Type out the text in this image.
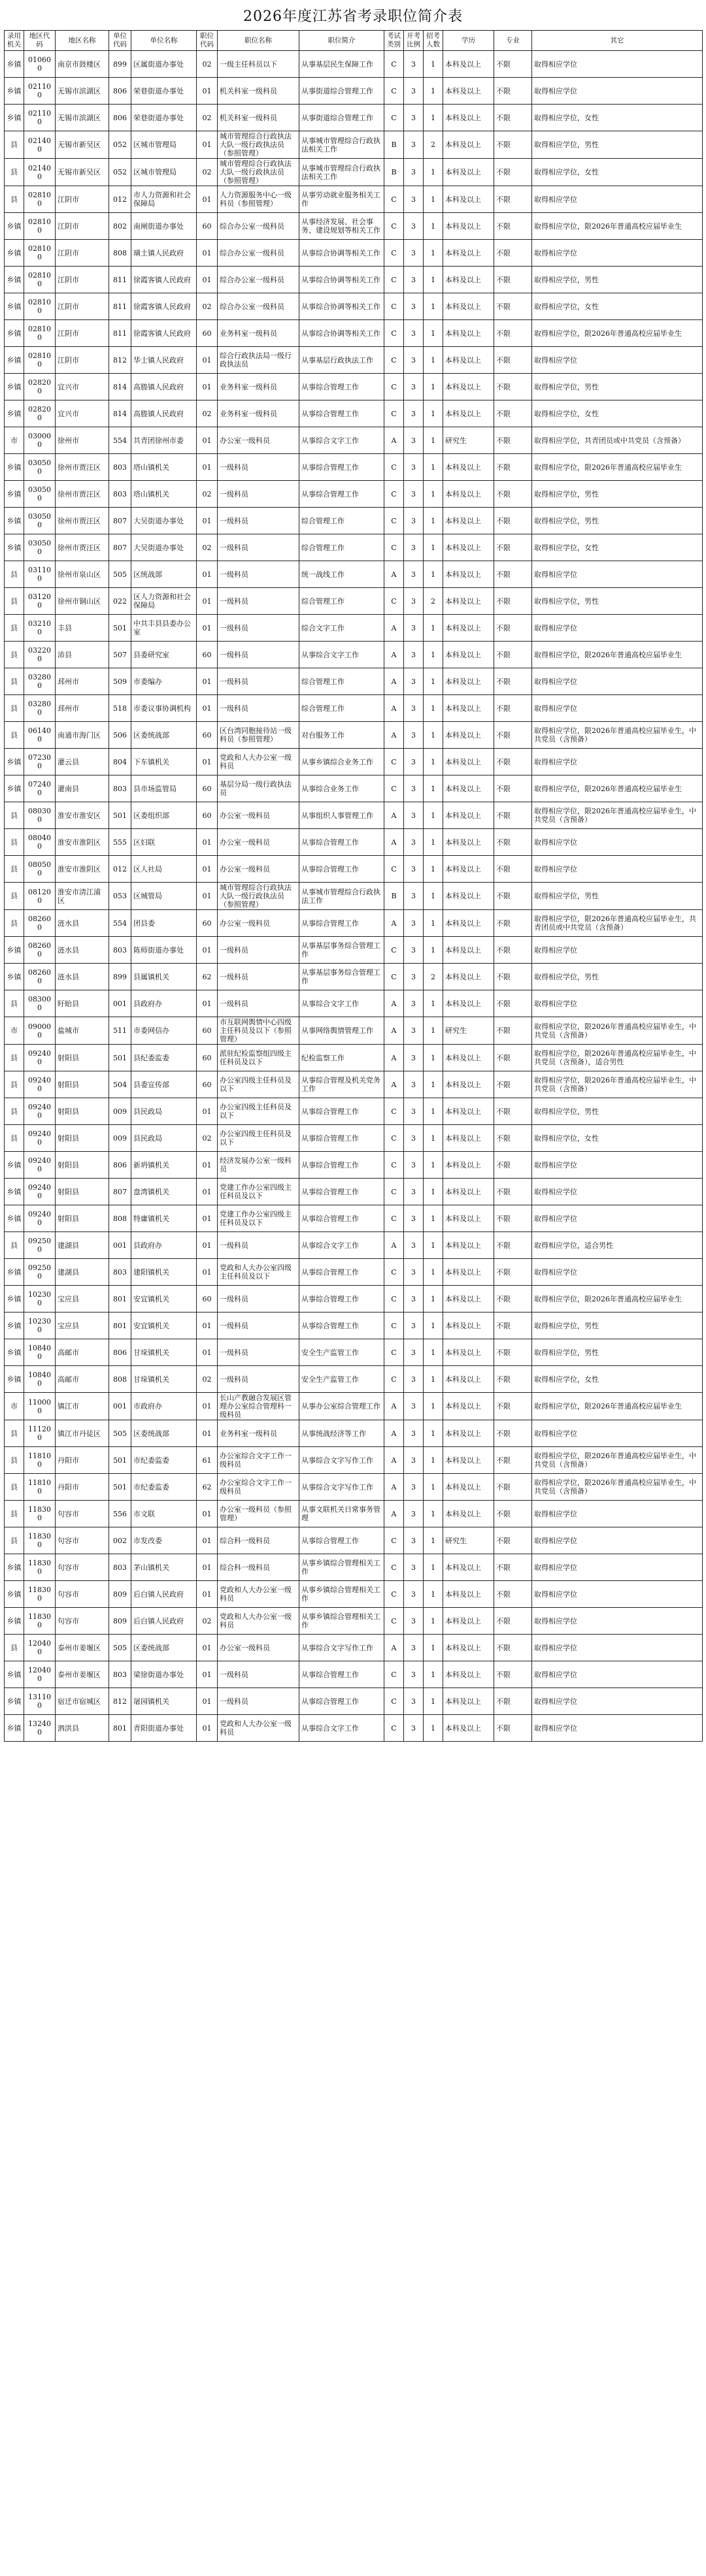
2026年度江苏省考录职位简介表
录用机关	地区代码	地区名称	单位代码	单位名称	职位代码	职位名称	职位简介	考试类别	开考比例	招考人数	学历	专业	其它
乡镇	010600	南京市鼓楼区	899	区属街道办事处	02	一级主任科员以下	从事基层民生保障工作	C	3	1	本科及以上	不限	取得相应学位
乡镇	021100	无锡市滨湖区	806	荣巷街道办事处	01	机关科室一级科员	从事街道综合管理工作	C	3	1	本科及以上	不限	取得相应学位
乡镇	021100	无锡市滨湖区	806	荣巷街道办事处	02	机关科室一级科员	从事街道综合管理工作	C	3	1	本科及以上	不限	取得相应学位，女性
县	021400	无锡市新吴区	052	区城市管理局	01	城市管理综合行政执法大队一级行政执法员（参照管理）	从事城市管理综合行政执法相关工作	B	3	2	本科及以上	不限	取得相应学位，男性
县	021400	无锡市新吴区	052	区城市管理局	02	城市管理综合行政执法大队一级行政执法员（参照管理）	从事城市管理综合行政执法相关工作	B	3	1	本科及以上	不限	取得相应学位，女性
县	028100	江阴市	012	市人力资源和社会保障局	01	人力资源服务中心一级科员（参照管理）	从事劳动就业服务相关工作	C	3	1	本科及以上	不限	取得相应学位
乡镇	028100	江阴市	802	南闸街道办事处	60	综合办公室一级科员	从事经济发展、社会事务、建设规划等相关工作	C	3	1	本科及以上	不限	取得相应学位，限2026年普通高校应届毕业生
乡镇	028100	江阴市	808	璜土镇人民政府	01	综合办公室一级科员	从事综合协调等相关工作	C	3	1	本科及以上	不限	取得相应学位
乡镇	028100	江阴市	811	徐霞客镇人民政府	01	综合办公室一级科员	从事综合协调等相关工作	C	3	1	本科及以上	不限	取得相应学位，男性
乡镇	028100	江阴市	811	徐霞客镇人民政府	02	综合办公室一级科员	从事综合协调等相关工作	C	3	1	本科及以上	不限	取得相应学位，女性
乡镇	028100	江阴市	811	徐霞客镇人民政府	60	业务科室一级科员	从事综合协调等相关工作	C	3	1	本科及以上	不限	取得相应学位，限2026年普通高校应届毕业生
乡镇	028100	江阴市	812	华士镇人民政府	01	综合行政执法局一级行政执法员	从事基层行政执法工作	C	3	1	本科及以上	不限	取得相应学位
乡镇	028200	宜兴市	814	高塍镇人民政府	01	业务科室一级科员	从事综合管理工作	C	3	1	本科及以上	不限	取得相应学位，男性
乡镇	028200	宜兴市	814	高塍镇人民政府	02	业务科室一级科员	从事综合管理工作	C	3	1	本科及以上	不限	取得相应学位，女性
市	030000	徐州市	554	共青团徐州市委	01	办公室一级科员	从事综合文字工作	A	3	1	研究生	不限	取得相应学位，共青团员或中共党员（含预备）
乡镇	030500	徐州市贾汪区	803	塔山镇机关	01	一级科员	从事综合管理工作	C	3	1	本科及以上	不限	取得相应学位，限2026年普通高校应届毕业生
乡镇	030500	徐州市贾汪区	803	塔山镇机关	02	一级科员	从事综合管理工作	C	3	1	本科及以上	不限	取得相应学位，男性
乡镇	030500	徐州市贾汪区	807	大吴街道办事处	01	一级科员	综合管理工作	C	3	1	本科及以上	不限	取得相应学位，男性
乡镇	030500	徐州市贾汪区	807	大吴街道办事处	02	一级科员	综合管理工作	C	3	1	本科及以上	不限	取得相应学位，女性
县	031100	徐州市泉山区	505	区统战部	01	一级科员	统一战线工作	A	3	1	本科及以上	不限	取得相应学位
县	031200	徐州市铜山区	022	区人力资源和社会保障局	01	一级科员	综合管理工作	C	3	2	本科及以上	不限	取得相应学位，男性
县	032100	丰县	501	中共丰县县委办公室	01	一级科员	综合文字工作	A	3	1	本科及以上	不限	取得相应学位
县	032200	沛县	507	县委研究室	60	一级科员	从事综合文字工作	A	3	1	本科及以上	不限	取得相应学位，限2026年普通高校应届毕业生
县	032800	邳州市	509	市委编办	01	一级科员	综合管理工作	A	3	1	本科及以上	不限	取得相应学位
县	032800	邳州市	518	市委议事协调机构	01	一级科员	综合管理工作	A	3	1	本科及以上	不限	取得相应学位
县	061400	南通市海门区	506	区委统战部	60	区台湾同胞接待站一级科员（参照管理）	对台服务工作	A	3	1	本科及以上	不限	取得相应学位，限2026年普通高校应届毕业生，中共党员（含预备）
乡镇	072300	灌云县	804	下车镇机关	01	党政和人大办公室一级科员	从事乡镇综合业务工作	C	3	1	本科及以上	不限	取得相应学位
乡镇	072400	灌南县	803	县市场监管局	60	基层分局一级行政执法员	从事综合业务工作	C	3	1	本科及以上	不限	取得相应学位，限2026年普通高校应届毕业生
县	080300	淮安市淮安区	501	区委组织部	60	办公室一级科员	从事组织人事管理工作	A	3	1	本科及以上	不限	取得相应学位，限2026年普通高校应届毕业生，中共党员（含预备）
县	080400	淮安市淮阴区	555	区妇联	01	办公室一级科员	从事综合管理工作	A	3	1	本科及以上	不限	取得相应学位
县	080500	淮安市淮阴区	012	区人社局	01	办公室一级科员	从事综合管理工作	C	3	1	本科及以上	不限	取得相应学位
县	081200	淮安市清江浦区	053	区城管局	01	城市管理综合行政执法大队一级行政执法员（参照管理）	从事城市管理综合行政执法工作	B	3	1	本科及以上	不限	取得相应学位，男性
县	082600	涟水县	554	团县委	60	办公室一级科员	从事综合管理工作	A	3	1	本科及以上	不限	取得相应学位，限2026年普通高校应届毕业生，共青团员或中共党员（含预备）
乡镇	082600	涟水县	803	陈师街道办事处	01	一级科员	从事基层事务综合管理工作	C	3	1	本科及以上	不限	取得相应学位
乡镇	082600	涟水县	899	县属镇机关	62	一级科员	从事基层事务综合管理工作	C	3	2	本科及以上	不限	取得相应学位，男性
县	083000	盱眙县	001	县政府办	01	一级科员	从事综合文字工作	A	3	1	本科及以上	不限	取得相应学位
市	090000	盐城市	511	市委网信办	60	市互联网舆情中心四级主任科员及以下（参照管理）	从事网络舆情管理工作	A	3	1	研究生	不限	取得相应学位，限2026年普通高校应届毕业生，中共党员（含预备）
县	092400	射阳县	501	县纪委监委	60	派驻纪检监察组四级主任科员及以下	纪检监察工作	A	3	1	本科及以上	不限	取得相应学位，限2026年普通高校应届毕业生，中共党员（含预备），适合男性
县	092400	射阳县	504	县委宣传部	60	办公室四级主任科员及以下	从事综合管理及机关党务工作	A	3	1	本科及以上	不限	取得相应学位，限2026年普通高校应届毕业生，中共党员（含预备）
县	092400	射阳县	009	县民政局	01	办公室四级主任科员及以下	从事综合管理工作	C	3	1	本科及以上	不限	取得相应学位，男性
县	092400	射阳县	009	县民政局	02	办公室四级主任科员及以下	从事综合管理工作	C	3	1	本科及以上	不限	取得相应学位，女性
乡镇	092400	射阳县	806	新坍镇机关	01	经济发展办公室一级科员	从事综合管理工作	C	3	1	本科及以上	不限	取得相应学位
乡镇	092400	射阳县	807	盘湾镇机关	01	党建工作办公室四级主任科员及以下	从事综合管理工作	C	3	1	本科及以上	不限	取得相应学位
乡镇	092400	射阳县	808	特庸镇机关	01	党建工作办公室四级主任科员及以下	从事综合管理工作	C	3	1	本科及以上	不限	取得相应学位
县	092500	建湖县	001	县政府办	01	一级科员	从事综合文字工作	A	3	1	本科及以上	不限	取得相应学位，适合男性
乡镇	092500	建湖县	803	建阳镇机关	01	党政和人大办公室四级主任科员及以下	从事综合管理工作	C	3	1	本科及以上	不限	取得相应学位
乡镇	102300	宝应县	801	安宜镇机关	60	一级科员	从事综合管理工作	C	3	1	本科及以上	不限	取得相应学位，限2026年普通高校应届毕业生
乡镇	102300	宝应县	801	安宜镇机关	01	一级科员	从事综合管理工作	C	3	1	本科及以上	不限	取得相应学位，男性
乡镇	108400	高邮市	806	甘垛镇机关	01	一级科员	安全生产监管工作	C	3	1	本科及以上	不限	取得相应学位，男性
乡镇	108400	高邮市	808	甘垛镇机关	02	一级科员	安全生产监管工作	C	3	1	本科及以上	不限	取得相应学位，女性
市	110000	镇江市	001	市政府办	01	长山产教融合发展区管理办公室综合管理科一级科员	从事办公室综合管理工作	A	3	1	本科及以上	不限	取得相应学位，限2026年普通高校应届毕业生
县	111200	镇江市丹徒区	505	区委统战部	01	业务科室一级科员	从事统战经济等工作	A	3	1	本科及以上	不限	取得相应学位
县	118100	丹阳市	501	市纪委监委	61	办公室综合文字工作一级科员	从事综合文字写作工作	A	3	1	本科及以上	不限	取得相应学位，限2026年普通高校应届毕业生，中共党员（含预备）
县	118100	丹阳市	501	市纪委监委	62	办公室综合文字工作一级科员	从事综合文字写作工作	A	3	1	本科及以上	不限	取得相应学位，限2026年普通高校应届毕业生，中共党员（含预备）
县	118300	句容市	556	市文联	01	办公室一级科员（参照管理）	从事文联机关日常事务管理	A	3	1	本科及以上	不限	取得相应学位
县	118300	句容市	002	市发改委	01	综合科一级科员	从事综合管理工作	C	3	1	研究生	不限	取得相应学位
乡镇	118300	句容市	803	茅山镇机关	01	综合科一级科员	从事乡镇综合管理相关工作	C	3	1	本科及以上	不限	取得相应学位
乡镇	118300	句容市	809	后白镇人民政府	01	党政和人大办公室一级科员	从事乡镇综合管理相关工作	C	3	1	本科及以上	不限	取得相应学位
乡镇	118300	句容市	809	后白镇人民政府	02	党政和人大办公室一级科员	从事乡镇综合管理相关工作	C	3	1	本科及以上	不限	取得相应学位
县	120400	泰州市姜堰区	505	区委统战部	01	办公室一级科员	从事综合文字写作工作	A	3	1	本科及以上	不限	取得相应学位
乡镇	120400	泰州市姜堰区	803	梁徐街道办事处	01	一级科员	从事综合管理工作	C	3	1	本科及以上	不限	取得相应学位
乡镇	131100	宿迁市宿城区	812	屠园镇机关	01	一级科员	从事综合管理工作	C	3	1	本科及以上	不限	取得相应学位
乡镇	132400	泗洪县	801	青阳街道办事处	01	党政和人大办公室一级科员	从事综合文字工作	C	3	1	本科及以上	不限	取得相应学位
